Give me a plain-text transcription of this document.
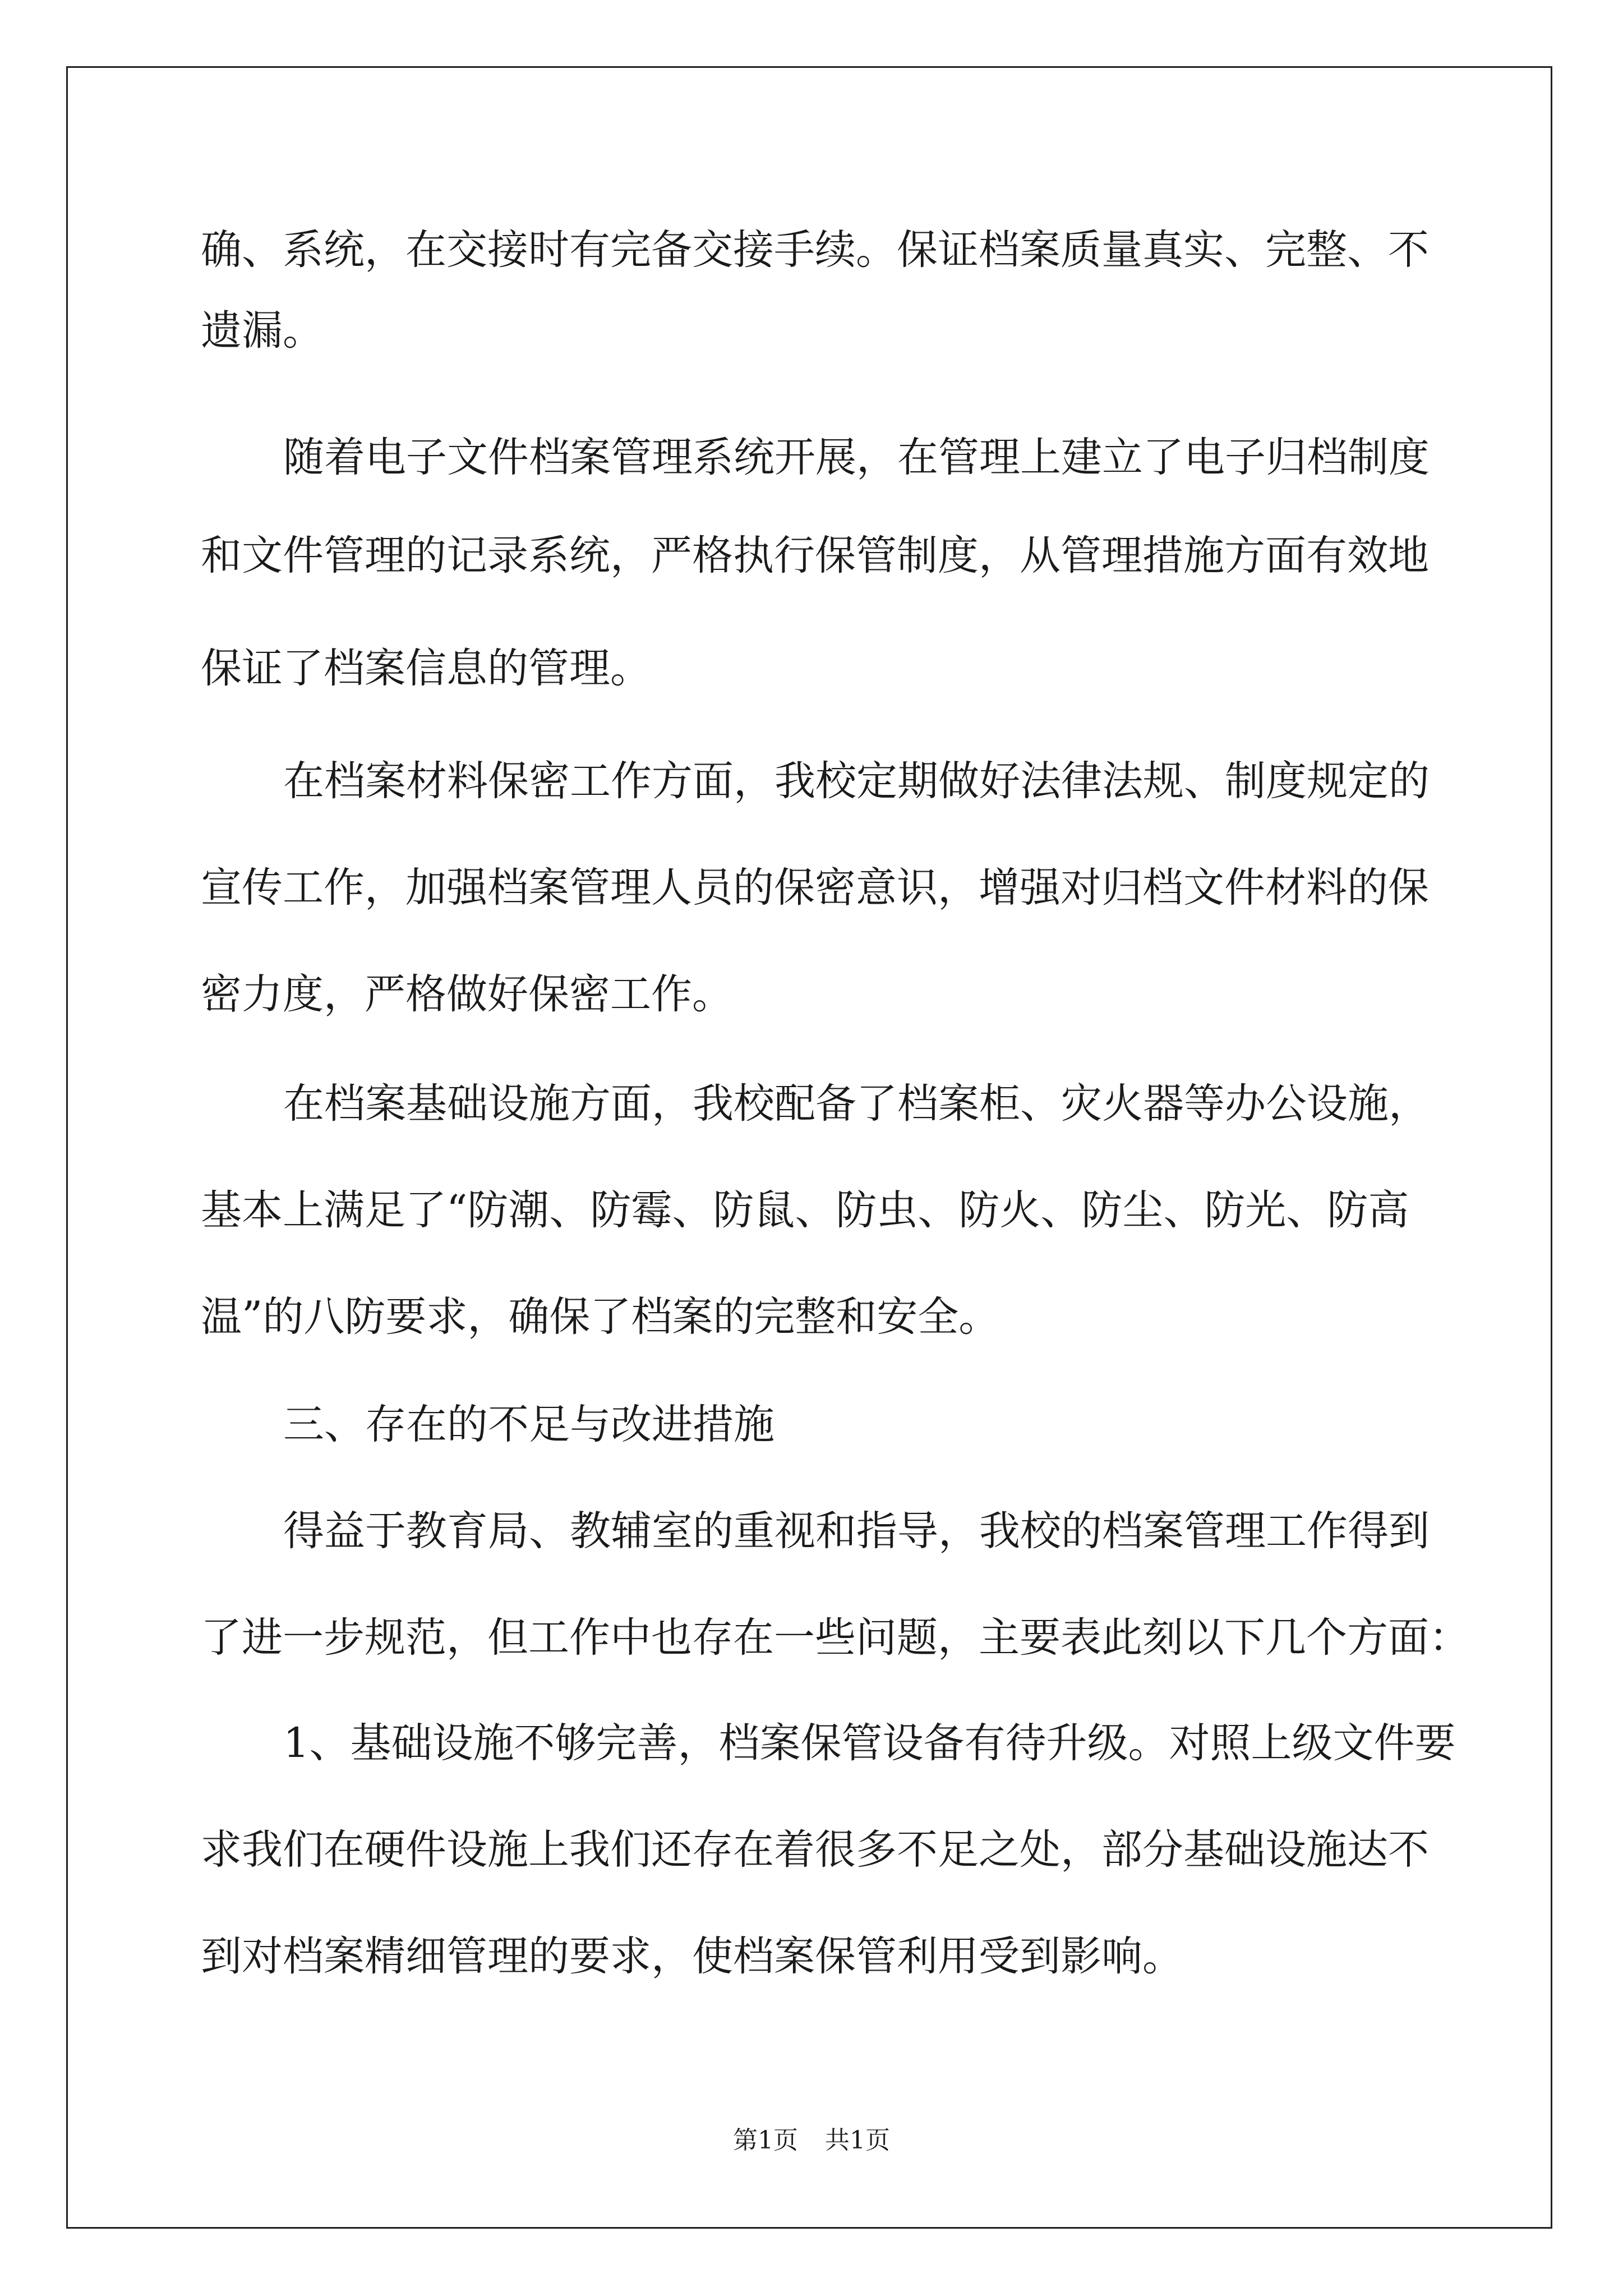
确、系统，在交接时有完备交接手续。保证档案质量真实、完整、不

遗漏。

随着电子文件档案管理系统开展，在管理上建立了电子归档制度

和文件管理的记录系统，严格执行保管制度，从管理措施方面有效地

保证了档案信息的管理。

在档案材料保密工作方面，我校定期做好法律法规、制度规定的

宣传工作，加强档案管理人员的保密意识，增强对归档文件材料的保

密力度，严格做好保密工作。

在档案基础设施方面，我校配备了档案柜、灾火器等办公设施，

基本上满足了“防潮、防霉、防鼠、防虫、防火、防尘、防光、防高

温”的八防要求，确保了档案的完整和安全。

三、存在的不足与改进措施

得益于教育局、教辅室的重视和指导，我校的档案管理工作得到

了进一步规范，但工作中也存在一些问题，主要表此刻以下几个方面：

1、基础设施不够完善，档案保管设备有待升级。对照上级文件要

求我们在硬件设施上我们还存在着很多不足之处，部分基础设施达不

到对档案精细管理的要求，使档案保管利用受到影响。

第1页 共1页
